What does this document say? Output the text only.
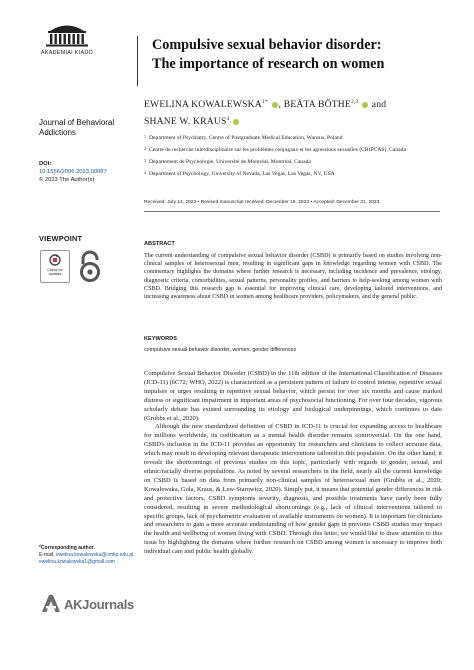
AKADÉMIAI KIADÓ
Journal of Behavioral Addictions
DOI:
10.1556/2006.2023.00087
© 2023 The Author(s)
VIEWPOINT
Check for
updates
*Corresponding author.
E-mail: ewelina.kowalewska@cmkp.edu.pl, ewelina.kowalewska1@gmail.com
AKJournals
Compulsive sexual behavior disorder:
The importance of research on women
EWELINA $KOWALEWSKA^{1*}$ , BEÁTA BŐTHE$^{2,3}$ and
SHANE W. KRAUS$^4$
1 Department of Psychiatry, Centre of Postgraduate Medical Education, Warsaw, Poland
2 Centre de recherche interdisciplinaire sur les problèmes conjugaux et les agressions sexuelles (CRIPCAS), Canada
3 Département de Psychologie, Université de Montréal, Montréal, Canada
4 Department of Psychology, University of Nevada, Las Vegas, Las Vegas, NV, USA
Received: July 13, 2023 • Revised manuscript received: December 15, 2023 • Accepted: December 31, 2023
ABSTRACT
The current understanding of compulsive sexual behavior disorder (CSBD) is primarily based on studies involving non-clinical samples of heterosexual men, resulting in significant gaps in knowledge regarding women with CSBD. The commentary highlights the domains where further research is necessary, including incidence and prevalence, etiology, diagnostic criteria, comorbidities, sexual patterns, personality profiles, and barriers to help-seeking among women with CSBD. Bridging this research gap is essential for improving clinical care, developing tailored interventions, and increasing awareness about CSBD in women among healthcare providers, policymakers, and the general public.
KEYWORDS
compulsive sexual behavior disorder, women, gender differences

Compulsive Sexual Behavior Disorder (CSBD) in the 11th edition of the International Classification of Diseases (ICD-11) (6C72; WHO, 2022) is characterized as a persistent pattern of failure to control intense, repetitive sexual impulses or urges resulting in repetitive sexual behavior, which persist for over six months and cause marked distress or significant impairment in important areas of psychosocial functioning. For over four decades, vigorous scholarly debate has existed surrounding its etiology and biological underpinnings, which continues to date (Grubbs et al., 2020).

Although the new standardized definition of CSBD in ICD-11 is crucial for expanding access to healthcare for millions worldwide, its codification as a mental health disorder remains controversial. On the one hand, CSBD's inclusion in the ICD-11 provides an opportunity for researchers and clinicians to collect accurate data, which may result in developing relevant therapeutic interventions tailored to this population. On the other hand, it reveals the shortcomings of previous studies on this topic, particularly with regards to gender, sexual, and ethnic/racially diverse populations. As noted by several researchers in the field, nearly all the current knowledge on CSBD is based on data from primarily non-clinical samples of heterosexual men (Grubbs et al., 2020; Kowalewska, Gola, Kraus, & Lew-Starowicz, 2020). Simply put, it means that potential gender differences in risk and protective factors, CSBD symptoms severity, diagnosis, and possible treatments have rarely been fully considered, resulting in severe methodological shortcomings (e.g., lack of clinical interventions tailored to specific groups, lack of psychometric evaluation of available instruments on women). It is important for clinicians and researchers to gain a more accurate understanding of how gender gaps in previous CSBD studies may impact the health and wellbeing of women living with CSBD. Through this letter, we would like to draw attention to this issue by highlighting the domains where further research on CSBD among women is necessary to improve both individual care and public health globally.
